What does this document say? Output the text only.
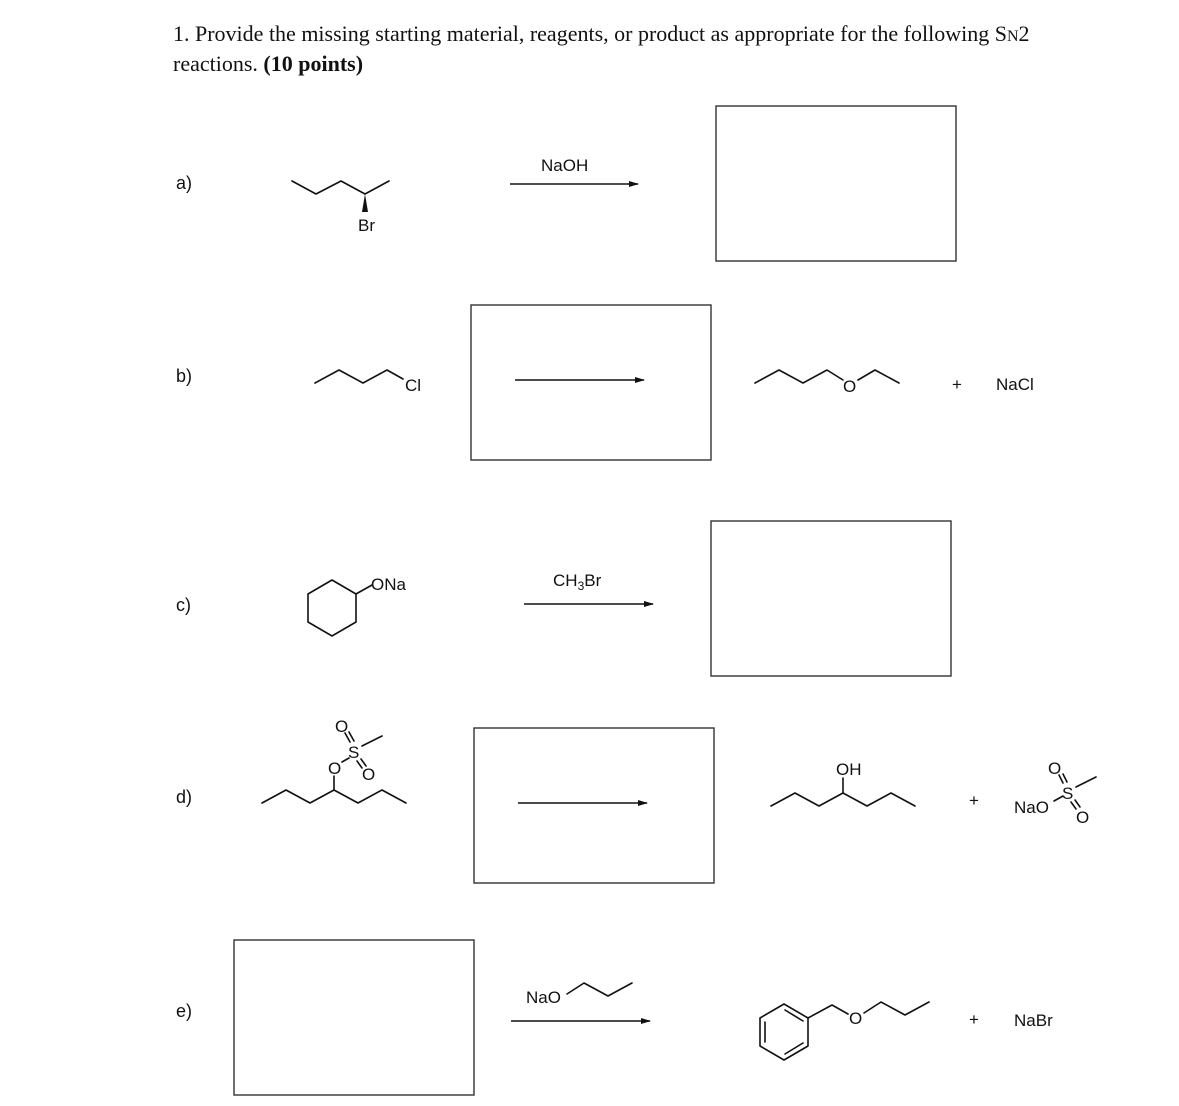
1. Provide the missing starting material, reagents, or product as appropriate for the following SN2 reactions. (10 points)
a)
Br
NaOH
b)	Cl	O	+ NaCl
c)
ONa	$CH_3Br$
d)
O
S
O
O	OH
+ NaO
S
O
O
e)
NaO
O	+ NaBr
